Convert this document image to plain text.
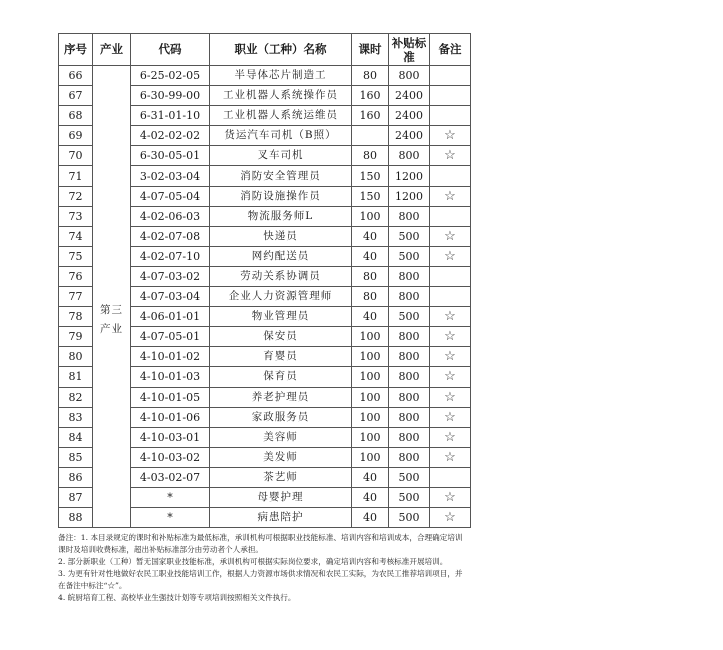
序号	产业	代码	职业（工种）名称	课时	补贴标准	备注
66	第三产业	6-25-02-05	半导体芯片制造工	80	800	
67		6-30-99-00	工业机器人系统操作员	160	2400	
68		6-31-01-10	工业机器人系统运维员	160	2400	
69		4-02-02-02	货运汽车司机（B照）		2400	☆
70		6-30-05-01	叉车司机	80	800	☆
71		3-02-03-04	消防安全管理员	150	1200	
72		4-07-05-04	消防设施操作员	150	1200	☆
73		4-02-06-03	物流服务师L	100	800	
74		4-02-07-08	快递员	40	500	☆
75		4-02-07-10	网约配送员	40	500	☆
76		4-07-03-02	劳动关系协调员	80	800	
77		4-07-03-04	企业人力资源管理师	80	800	
78		4-06-01-01	物业管理员	40	500	☆
79		4-07-05-01	保安员	100	800	☆
80		4-10-01-02	育婴员	100	800	☆
81		4-10-01-03	保育员	100	800	☆
82		4-10-01-05	养老护理员	100	800	☆
83		4-10-01-06	家政服务员	100	800	☆
84		4-10-03-01	美容师	100	800	☆
85		4-10-03-02	美发师	100	800	☆
86		4-03-02-07	茶艺师	40	500	
87		*	母婴护理	40	500	☆
88		*	病患陪护	40	500	☆

备注：1. 本目录规定的课时和补贴标准为最低标准，承训机构可根据职业技能标准、培训内容和培训成本，合理确定培训课时及培训收费标准，超出补贴标准部分由劳动者个人承担。

2. 部分新职业（工种）暂无国家职业技能标准，承训机构可根据实际岗位要求，确定培训内容和考核标准开展培训。

3. 为更有针对性地做好农民工职业技能培训工作，根据人力资源市场供求情况和农民工实际，为农民工推荐培训项目，并在备注中标注“☆”。

4. 皖厨培育工程、高校毕业生强技计划等专项培训按照相关文件执行。
